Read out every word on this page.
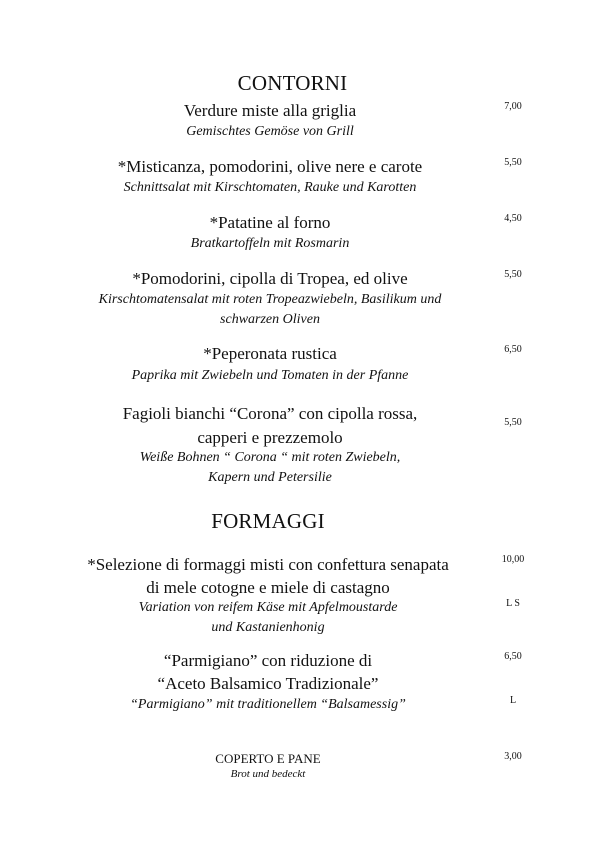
CONTORNI
Verdure miste alla griglia
Gemischtes Gemöse von Grill
7,00
*Misticanza, pomodorini, olive nere e carote
Schnittsalat mit Kirschtomaten, Rauke und Karotten
5,50
*Patatine al forno
Bratkartoffeln mit Rosmarin
4,50
*Pomodorini, cipolla di Tropea, ed olive
Kirschtomatensalat mit roten Tropeazwiebeln, Basilikum und
schwarzen Oliven
5,50
*Peperonata rustica
Paprika mit Zwiebeln und Tomaten in der Pfanne
6,50
Fagioli bianchi “Corona” con cipolla rossa,
capperi e prezzemolo
Weiße Bohnen “ Corona “ mit roten Zwiebeln,
Kapern und Petersilie
5,50
FORMAGGI
*Selezione di formaggi misti con confettura senapata
di mele cotogne e miele di castagno
Variation von reifem Käse mit Apfelmoustarde
und Kastanienhonig
10,00
L S
“Parmigiano” con riduzione di
“Aceto Balsamico Tradizionale”
“Parmigiano” mit traditionellem “Balsamessig”
6,50
L
COPERTO E PANE
Brot und bedeckt
3,00
